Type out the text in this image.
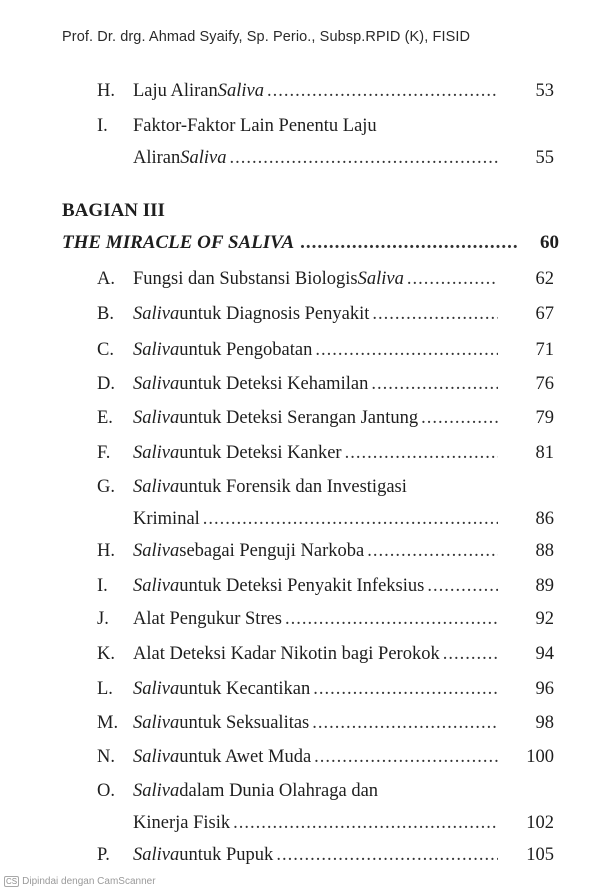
Prof. Dr. drg. Ahmad Syaify, Sp. Perio., Subsp.RPID (K), FISID
H. Laju Aliran Saliva .....	53
I. Faktor-Faktor Lain Penentu Laju
Aliran Saliva .....	55
BAGIAN III
THE MIRACLE OF SALIVA .....	60
A. Fungsi dan Substansi Biologis Saliva .....	62
B. Saliva untuk Diagnosis Penyakit .....	67
C. Saliva untuk Pengobatan .....	71
D. Saliva untuk Deteksi Kehamilan .....	76
E. Saliva untuk Deteksi Serangan Jantung .....	79
F. Saliva untuk Deteksi Kanker .....	81
G. Saliva untuk Forensik dan Investigasi
Kriminal .....	86
H. Saliva sebagai Penguji Narkoba .....	88
I. Saliva untuk Deteksi Penyakit Infeksius .....	89
J. Alat Pengukur Stres .....	92
K. Alat Deteksi Kadar Nikotin bagi Perokok .....	94
L. Saliva untuk Kecantikan .....	96
M. Saliva untuk Seksualitas .....	98
N. Saliva untuk Awet Muda .....	100
O. Saliva dalam Dunia Olahraga dan
Kinerja Fisik .....	102
P. Saliva untuk Pupuk .....	105
CS Dipindai dengan CamScanner
